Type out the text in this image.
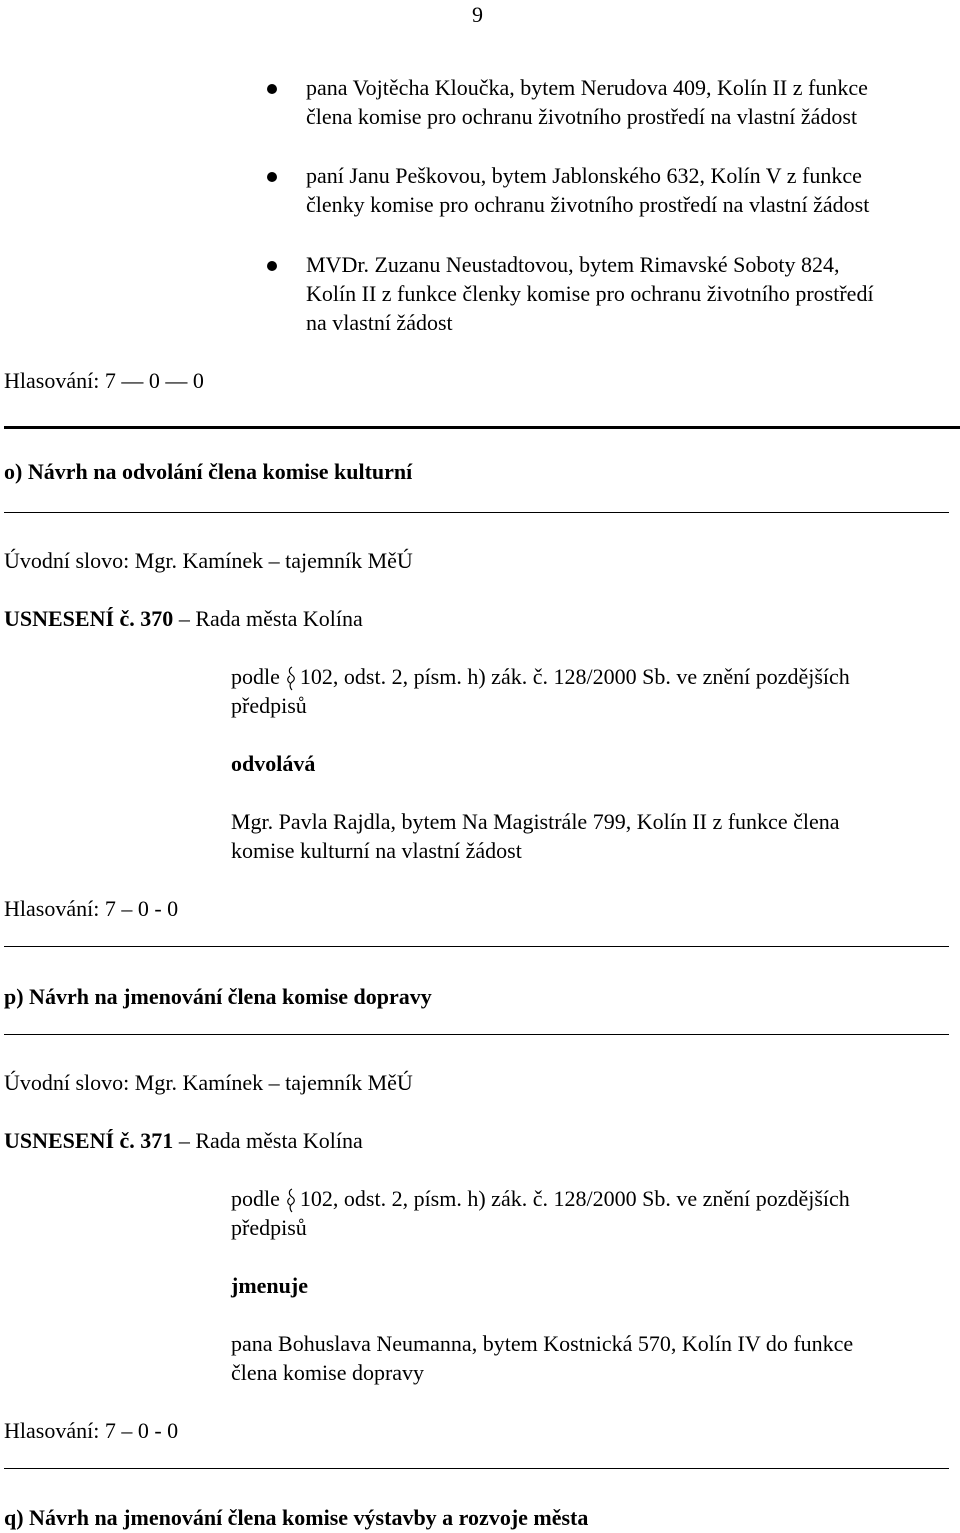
9
pana Vojtěcha Kloučka, bytem Nerudova 409, Kolín II z funkce
člena komise pro ochranu životního prostředí na vlastní žádost
paní Janu Peškovou, bytem Jablonského 632, Kolín V z funkce
členky komise pro ochranu životního prostředí na vlastní žádost
MVDr. Zuzanu Neustadtovou, bytem Rimavské Soboty 824,
Kolín II z funkce členky komise pro ochranu životního prostředí
na vlastní žádost
Hlasování: 7 — 0 — 0
o) Návrh na odvolání člena komise kulturní
Úvodní slovo: Mgr. Kamínek – tajemník MěÚ
USNESENÍ č. 370 – Rada města Kolína
podle 102, odst. 2, písm. h) zák. č. 128/2000 Sb. ve znění pozdějších
předpisů
odvolává
Mgr. Pavla Rajdla, bytem Na Magistrále 799, Kolín II z funkce člena
komise kulturní na vlastní žádost
Hlasování: 7 – 0 - 0
p) Návrh na jmenování člena komise dopravy
Úvodní slovo: Mgr. Kamínek – tajemník MěÚ
USNESENÍ č. 371 – Rada města Kolína
podle 102, odst. 2, písm. h) zák. č. 128/2000 Sb. ve znění pozdějších
předpisů
jmenuje
pana Bohuslava Neumanna, bytem Kostnická 570, Kolín IV do funkce
člena komise dopravy
Hlasování: 7 – 0 - 0
q) Návrh na jmenování člena komise výstavby a rozvoje města
